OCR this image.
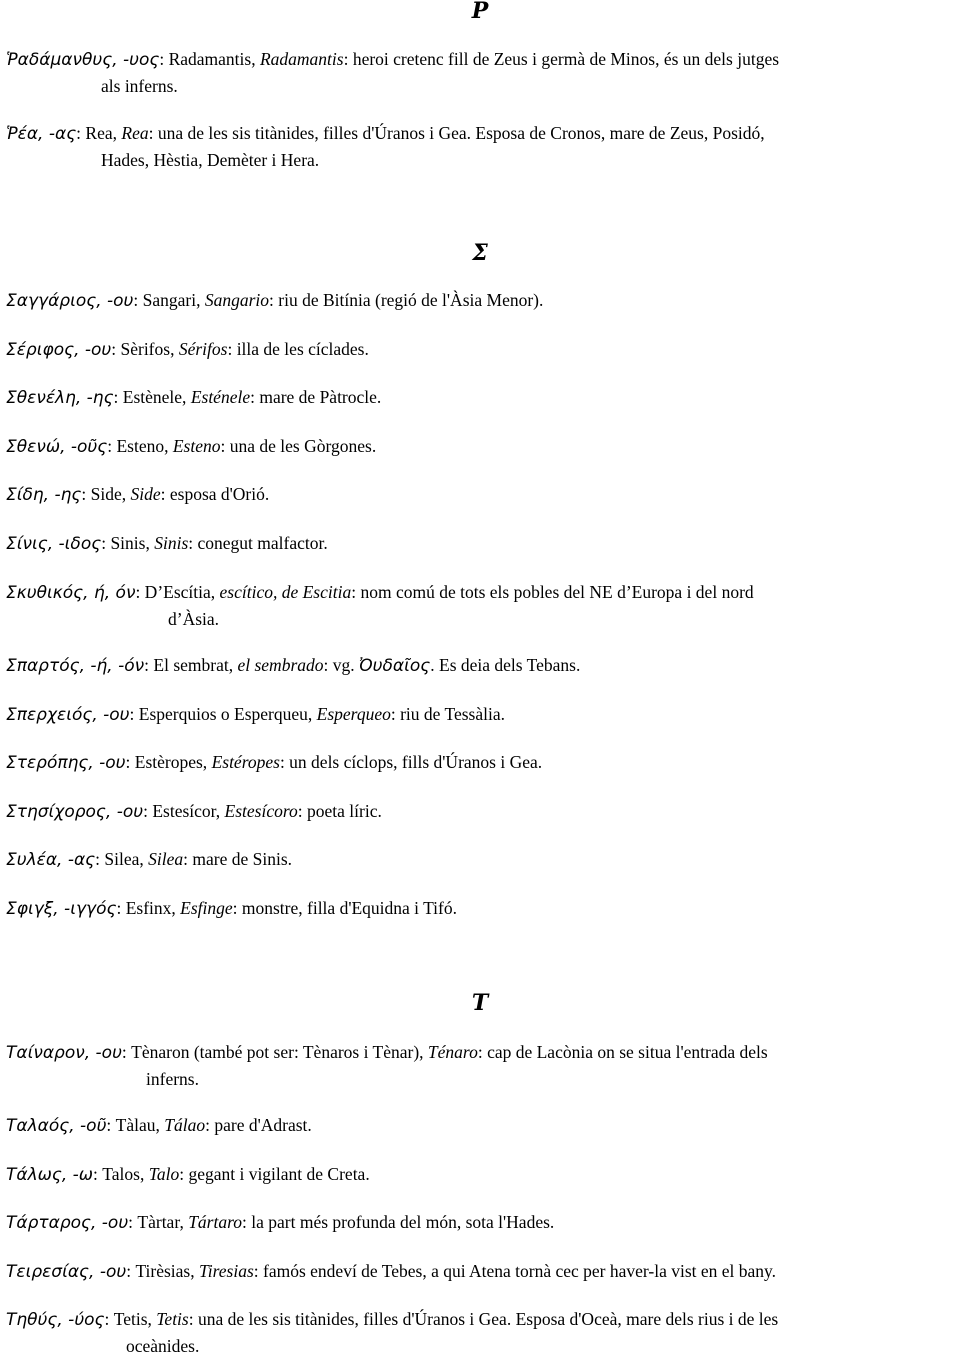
Ρ
Ῥαδάμανθυς, -υος: Radamantis, Radamantis: heroi cretenc fill de Zeus i germà de Minos, és un dels jutges
als inferns.
Ῥέα, -ας: Rea, Rea: una de les sis titànides, filles d'Úranos i Gea. Esposa de Cronos, mare de Zeus, Posidó,
Hades, Hèstia, Demèter i Hera.
Σ
Σαγγάριος, -ου: Sangari, Sangario: riu de Bitínia (regió de l'Àsia Menor).
Σέριφος, -ου: Sèrifos, Sérifos: illa de les cíclades.
Σθενέλη, -ης: Estènele, Esténele: mare de Pàtrocle.
Σθενώ, -οῦς: Esteno, Esteno: una de les Gòrgones.
Σίδη, -ης: Side, Side: esposa d'Orió.
Σίνις, -ιδος: Sinis, Sinis: conegut malfactor.
Σκυθικός, ή, όν: D’Escítia, escítico, de Escitia: nom comú de tots els pobles del NE d’Europa i del nord
d’Àsia.
Σπαρτός, -ή, -όν: El sembrat, el sembrado: vg. Ὀυδαῖος. Es deia dels Tebans.
Σπερχειός, -ου: Esperquios o Esperqueu, Esperqueo: riu de Tessàlia.
Στερόπης, -ου: Estèropes, Estéropes: un dels cíclops, fills d'Úranos i Gea.
Στησίχορος, -ου: Estesícor, Estesícoro: poeta líric.
Συλέα, -ας: Silea, Silea: mare de Sinis.
Σφιγξ, -ιγγός: Esfinx, Esfinge: monstre, filla d'Equidna i Tifó.
Τ
Ταίναρον, -ου: Tènaron (també pot ser: Tènaros i Tènar), Ténaro: cap de Lacònia on se situa l'entrada dels
inferns.
Ταλαός, -οῦ: Tàlau, Tálao: pare d'Adrast.
Τάλως, -ω: Talos, Talo: gegant i vigilant de Creta.
Τάρταρος, -ου: Tàrtar, Tártaro: la part més profunda del món, sota l'Hades.
Τειρεσίας, -ου: Tirèsias, Tiresias: famós endeví de Tebes, a qui Atena tornà cec per haver-la vist en el bany.
Τηθύς, -ύος: Tetis, Tetis: una de les sis titànides, filles d'Úranos i Gea. Esposa d'Oceà, mare dels rius i de les
oceànides.
